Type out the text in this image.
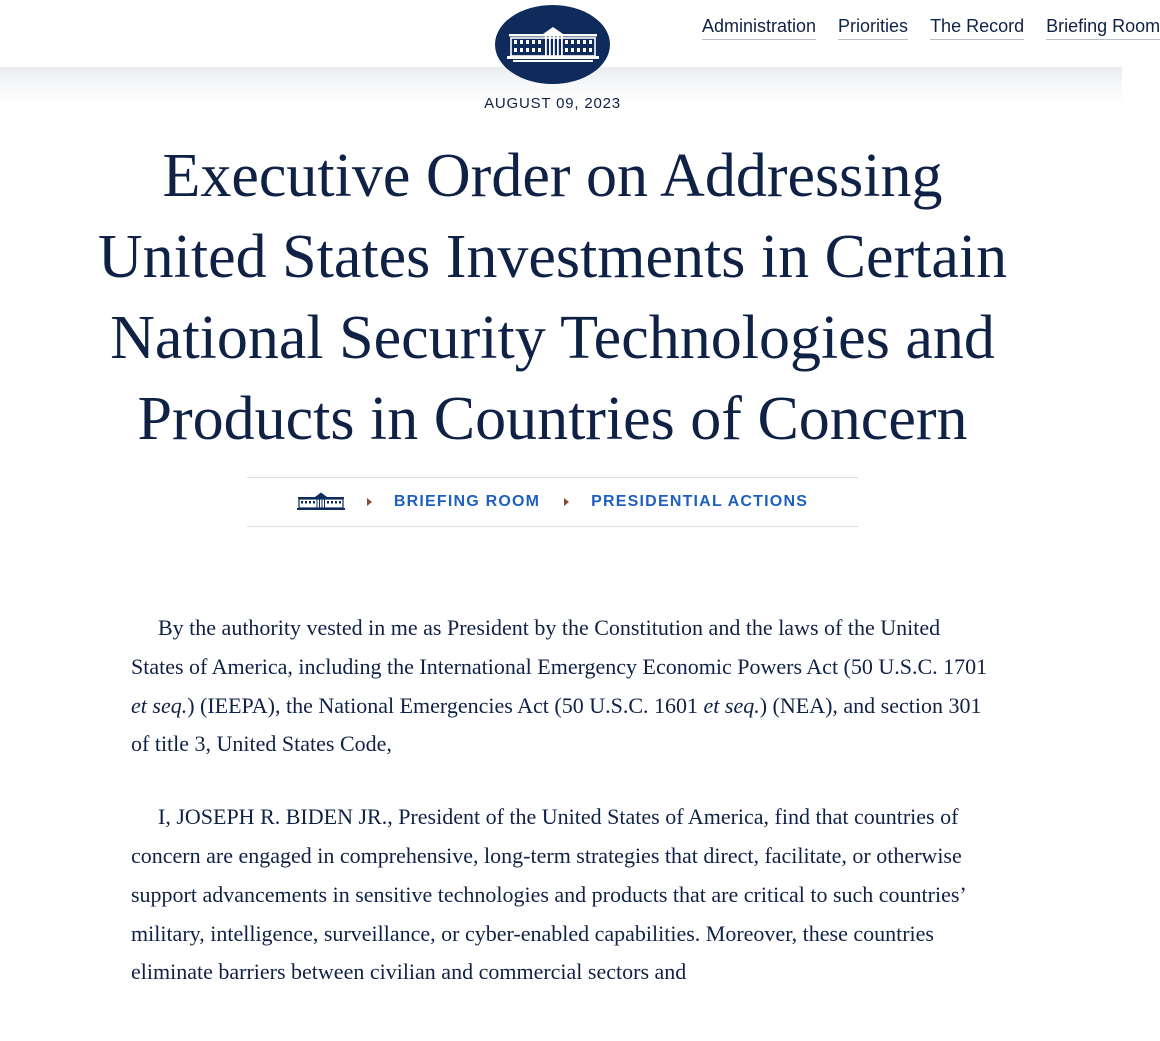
Administration Priorities The Record Briefing Room
AUGUST 09, 2023
Executive Order on Addressing
United States Investments in Certain
National Security Technologies and
Products in Countries of Concern
BRIEFING ROOM	PRESIDENTIAL ACTIONS

By the authority vested in me as President by the Constitution and the laws of the United States of America, including the International Emergency Economic Powers Act (50 U.S.C. 1701 et seq.) (IEEPA), the National Emergencies Act (50 U.S.C. 1601 et seq.) (NEA), and section 301 of title 3, United States Code,

I, JOSEPH R. BIDEN JR., President of the United States of America, find that countries of concern are engaged in comprehensive, long-term strategies that direct, facilitate, or otherwise support advancements in sensitive technologies and products that are critical to such countries’ military, intelligence, surveillance, or cyber-enabled capabilities. Moreover, these countries eliminate barriers between civilian and commercial sectors and
